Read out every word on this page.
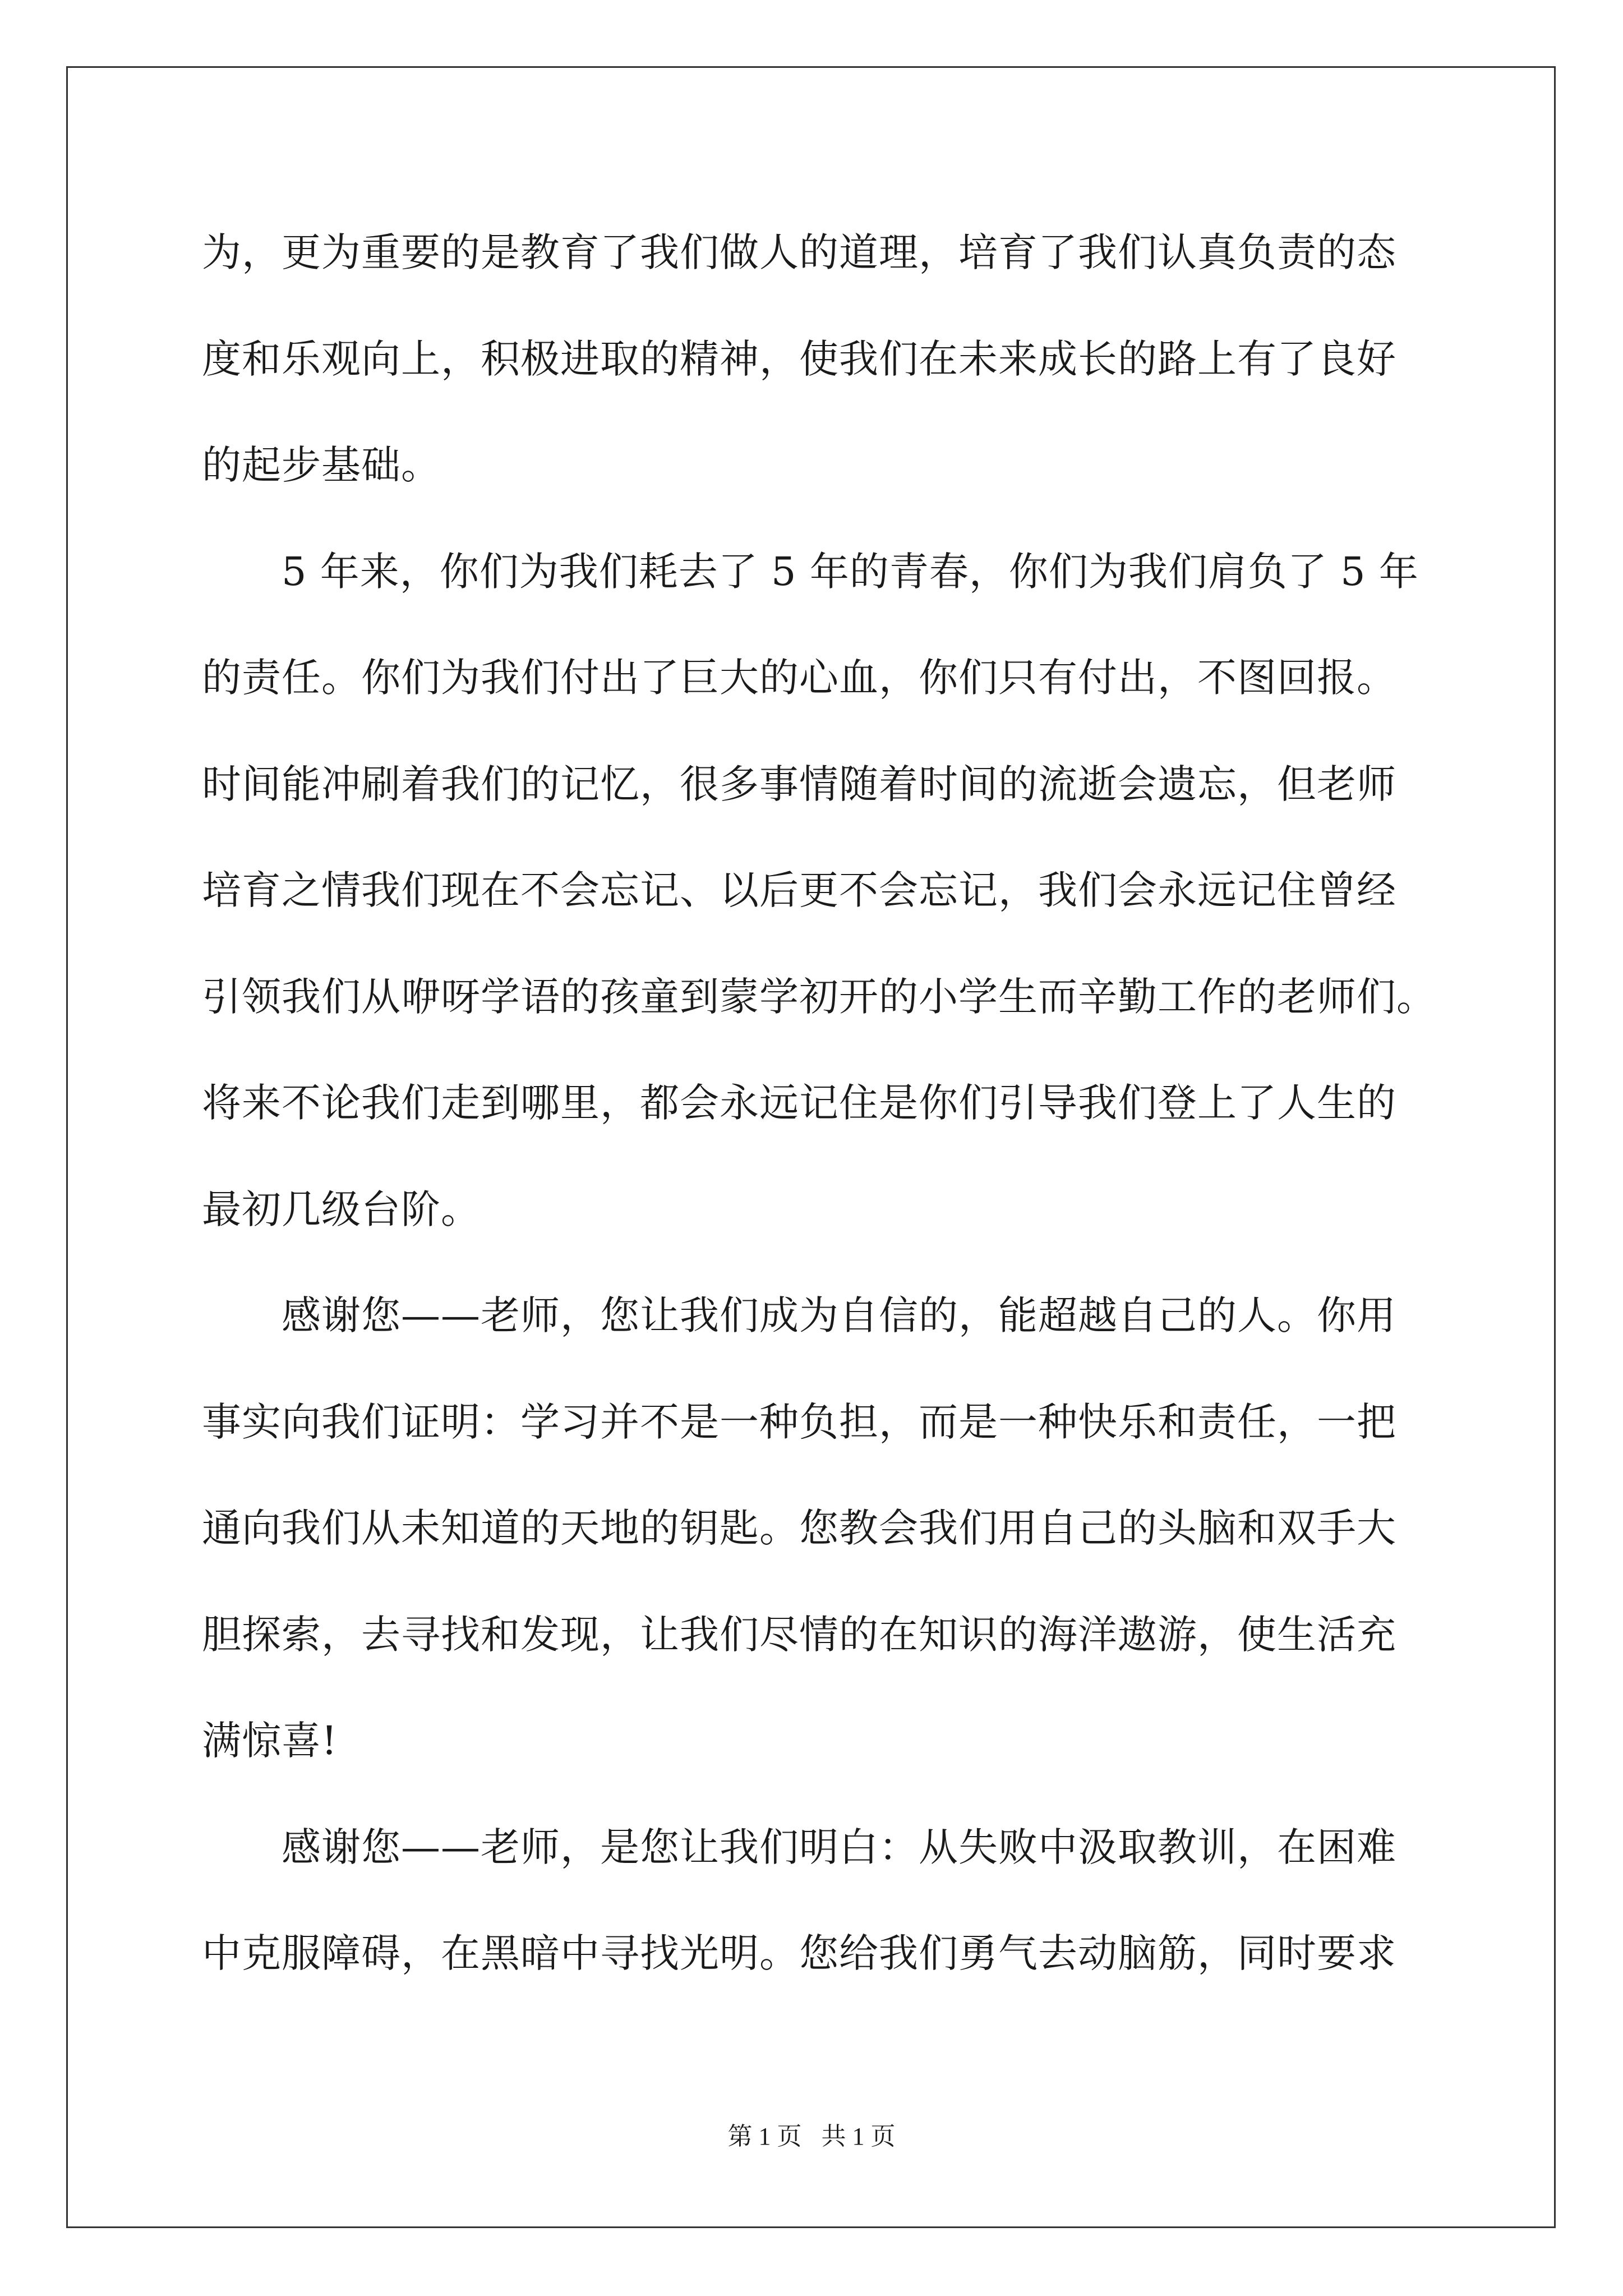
为，更为重要的是教育了我们做人的道理，培育了我们认真负责的态
度和乐观向上，积极进取的精神，使我们在未来成长的路上有了良好
的起步基础。
　　5 年来，你们为我们耗去了 5 年的青春，你们为我们肩负了 5 年
的责任。你们为我们付出了巨大的心血，你们只有付出，不图回报。
时间能冲刷着我们的记忆，很多事情随着时间的流逝会遗忘，但老师
培育之情我们现在不会忘记、以后更不会忘记，我们会永远记住曾经
引领我们从咿呀学语的孩童到蒙学初开的小学生而辛勤工作的老师们。
将来不论我们走到哪里，都会永远记住是你们引导我们登上了人生的
最初几级台阶。
　　感谢您——老师，您让我们成为自信的，能超越自己的人。你用
事实向我们证明：学习并不是一种负担，而是一种快乐和责任，一把
通向我们从未知道的天地的钥匙。您教会我们用自己的头脑和双手大
胆探索，去寻找和发现，让我们尽情的在知识的海洋遨游，使生活充
满惊喜!
　　感谢您——老师，是您让我们明白：从失败中汲取教训，在困难
中克服障碍，在黑暗中寻找光明。您给我们勇气去动脑筋，同时要求
第 1 页 共 1 页
